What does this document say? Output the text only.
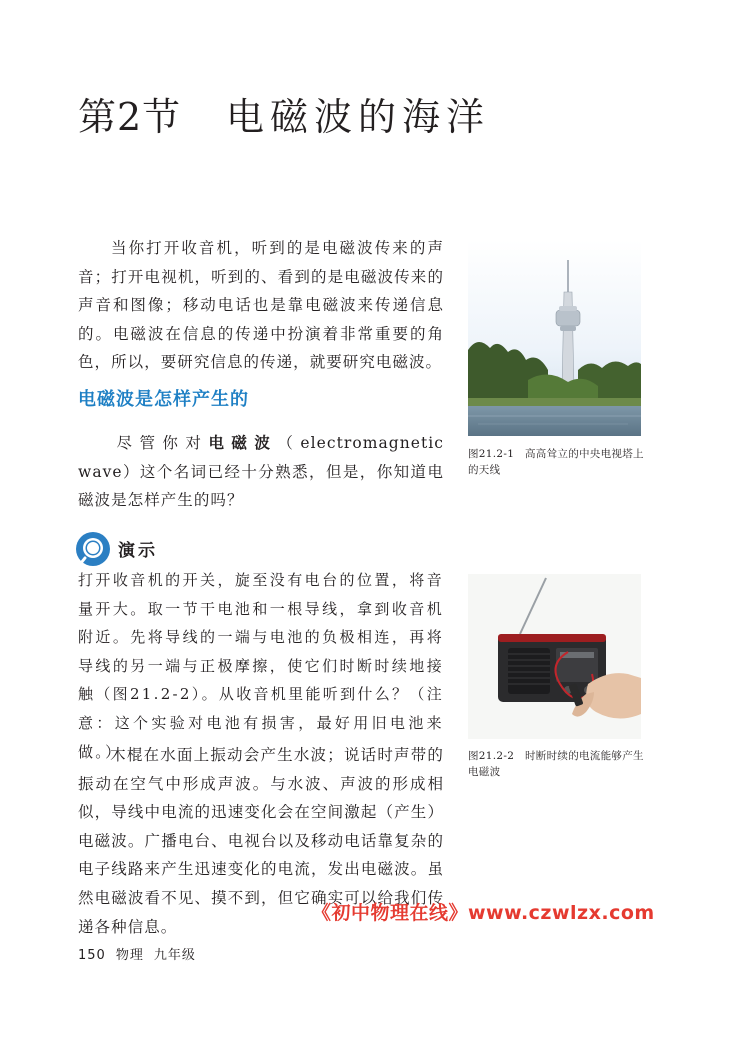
第2节 电磁波的海洋

当你打开收音机，听到的是电磁波传来的声音；打开电视机，听到的、看到的是电磁波传来的声音和图像；移动电话也是靠电磁波来传递信息的。电磁波在信息的传递中扮演着非常重要的角色，所以，要研究信息的传递，就要研究电磁波。

图21.2-1　高高耸立的中央电视塔上的天线

电磁波是怎样产生的

尽管你对电磁波（electromagnetic wave）这个名词已经十分熟悉，但是，你知道电磁波是怎样产生的吗？

演示

打开收音机的开关，旋至没有电台的位置，将音量开大。取一节干电池和一根导线，拿到收音机附近。先将导线的一端与电池的负极相连，再将导线的另一端与正极摩擦，使它们时断时续地接触（图21.2-2）。从收音机里能听到什么？（注意：这个实验对电池有损害，最好用旧电池来做。）	图21.2-2　时断时续的电流能够产生电磁波

木棍在水面上振动会产生水波；说话时声带的振动在空气中形成声波。与水波、声波的形成相似，导线中电流的迅速变化会在空间激起（产生）电磁波。广播电台、电视台以及移动电话靠复杂的电子线路来产生迅速变化的电流，发出电磁波。虽然电磁波看不见、摸不到，但它确实可以给我们传递各种信息。

《初中物理在线》www.czwlzx.com
150 物理 九年级
